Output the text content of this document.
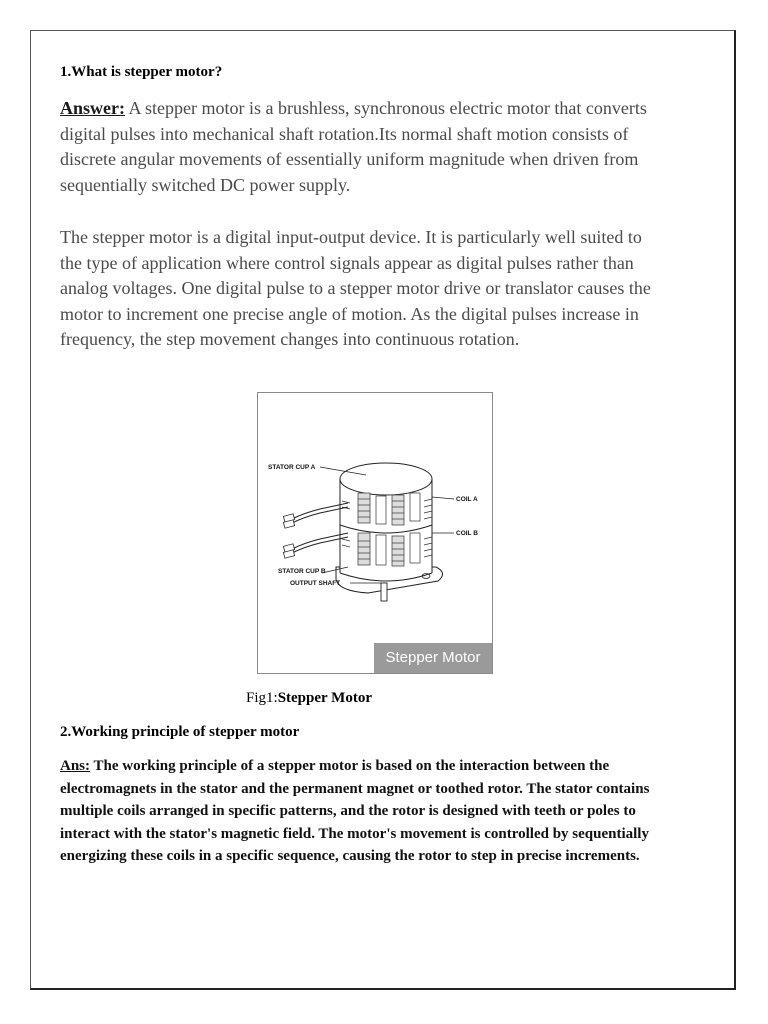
1.What is stepper motor?
Answer: A stepper motor is a brushless, synchronous electric motor that converts digital pulses into mechanical shaft rotation.Its normal shaft motion consists of discrete angular movements of essentially uniform magnitude when driven from sequentially switched DC power supply.
The stepper motor is a digital input-output device. It is particularly well suited to the type of application where control signals appear as digital pulses rather than analog voltages. One digital pulse to a stepper motor drive or translator causes the motor to increment one precise angle of motion. As the digital pulses increase in frequency, the step movement changes into continuous rotation.
STATOR CUP A
COIL A
COIL B
STATOR CUP B
OUTPUT SHAFT
Stepper Motor
Fig1:Stepper Motor
2.Working principle of stepper motor
Ans: The working principle of a stepper motor is based on the interaction between the electromagnets in the stator and the permanent magnet or toothed rotor. The stator contains multiple coils arranged in specific patterns, and the rotor is designed with teeth or poles to interact with the stator's magnetic field. The motor's movement is controlled by sequentially energizing these coils in a specific sequence, causing the rotor to step in precise increments.
